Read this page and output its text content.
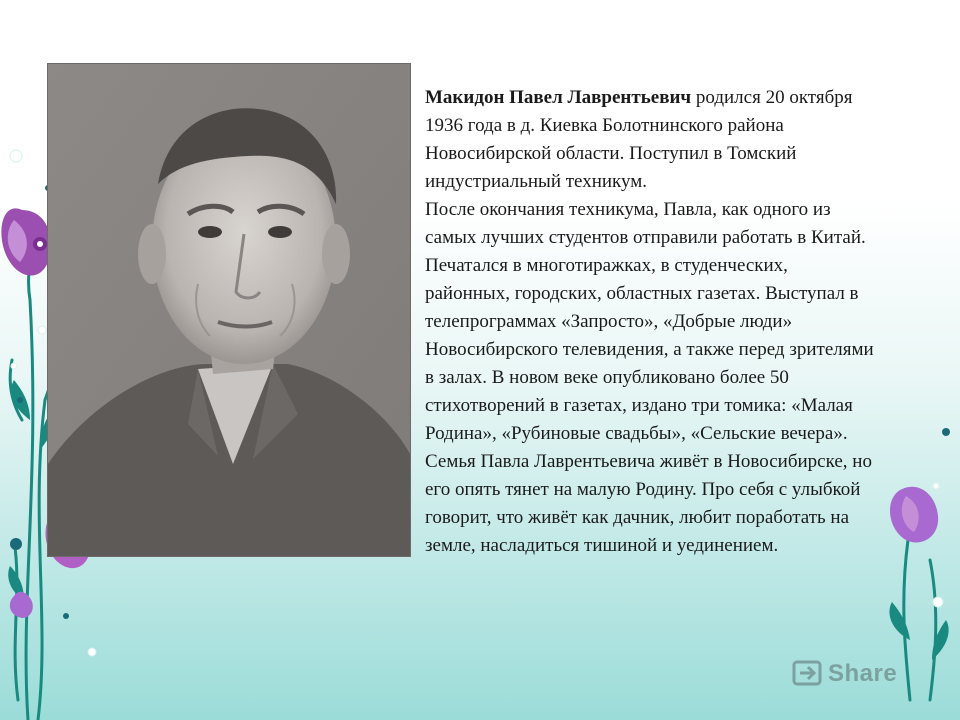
Макидон Павел Лаврентьевич родился 20 октября 1936 года в д. Киевка Болотнинского района Новосибирской области. Поступил в Томский индустриальный техникум.

После окончания техникума, Павла, как одного из самых лучших студентов отправили работать в Китай. Печатался в многотиражках, в студенческих, районных, городских, областных газетах. Выступал в телепрограммах «Запросто», «Добрые люди» Новосибирского телевидения, а также перед зрителями в залах. В новом веке опубликовано более 50 стихотворений в газетах, издано три томика: «Малая Родина», «Рубиновые свадьбы», «Сельские вечера». Семья Павла Лаврентьевича живёт в Новосибирске, но его опять тянет на малую Родину. Про себя с улыбкой говорит, что живёт как дачник, любит поработать на земле, насладиться тишиной и уединением.

Share
